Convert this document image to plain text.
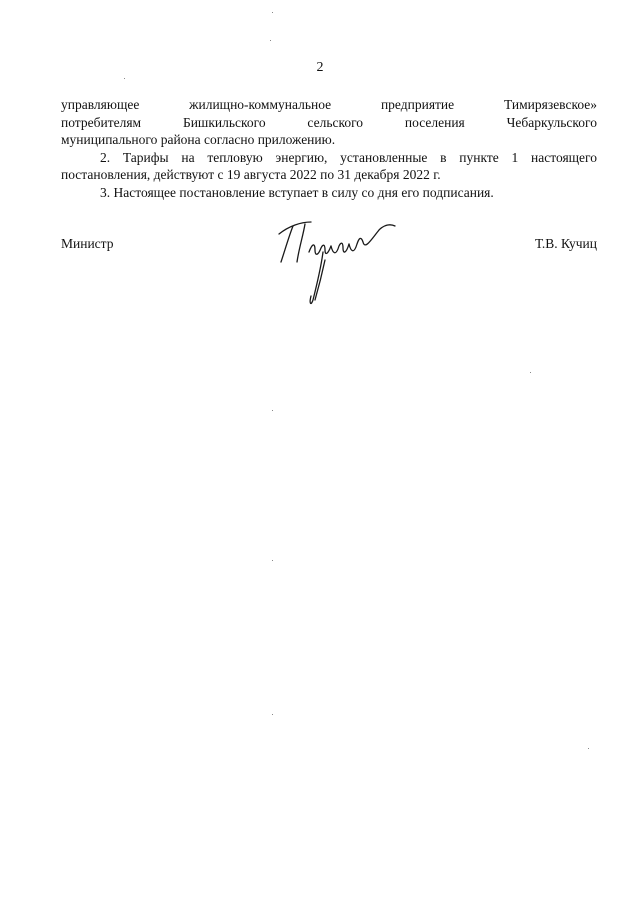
2
управляющее жилищно-коммунальное предприятие Тимирязевское»
потребителям Бишкильского сельского поселения Чебаркульского
муниципального района согласно приложению.
2. Тарифы на тепловую энергию, установленные в пункте 1 настоящего
постановления, действуют с 19 августа 2022 по 31 декабря 2022 г.
3. Настоящее постановление вступает в силу со дня его подписания.
Министр	Т.В. Кучиц
